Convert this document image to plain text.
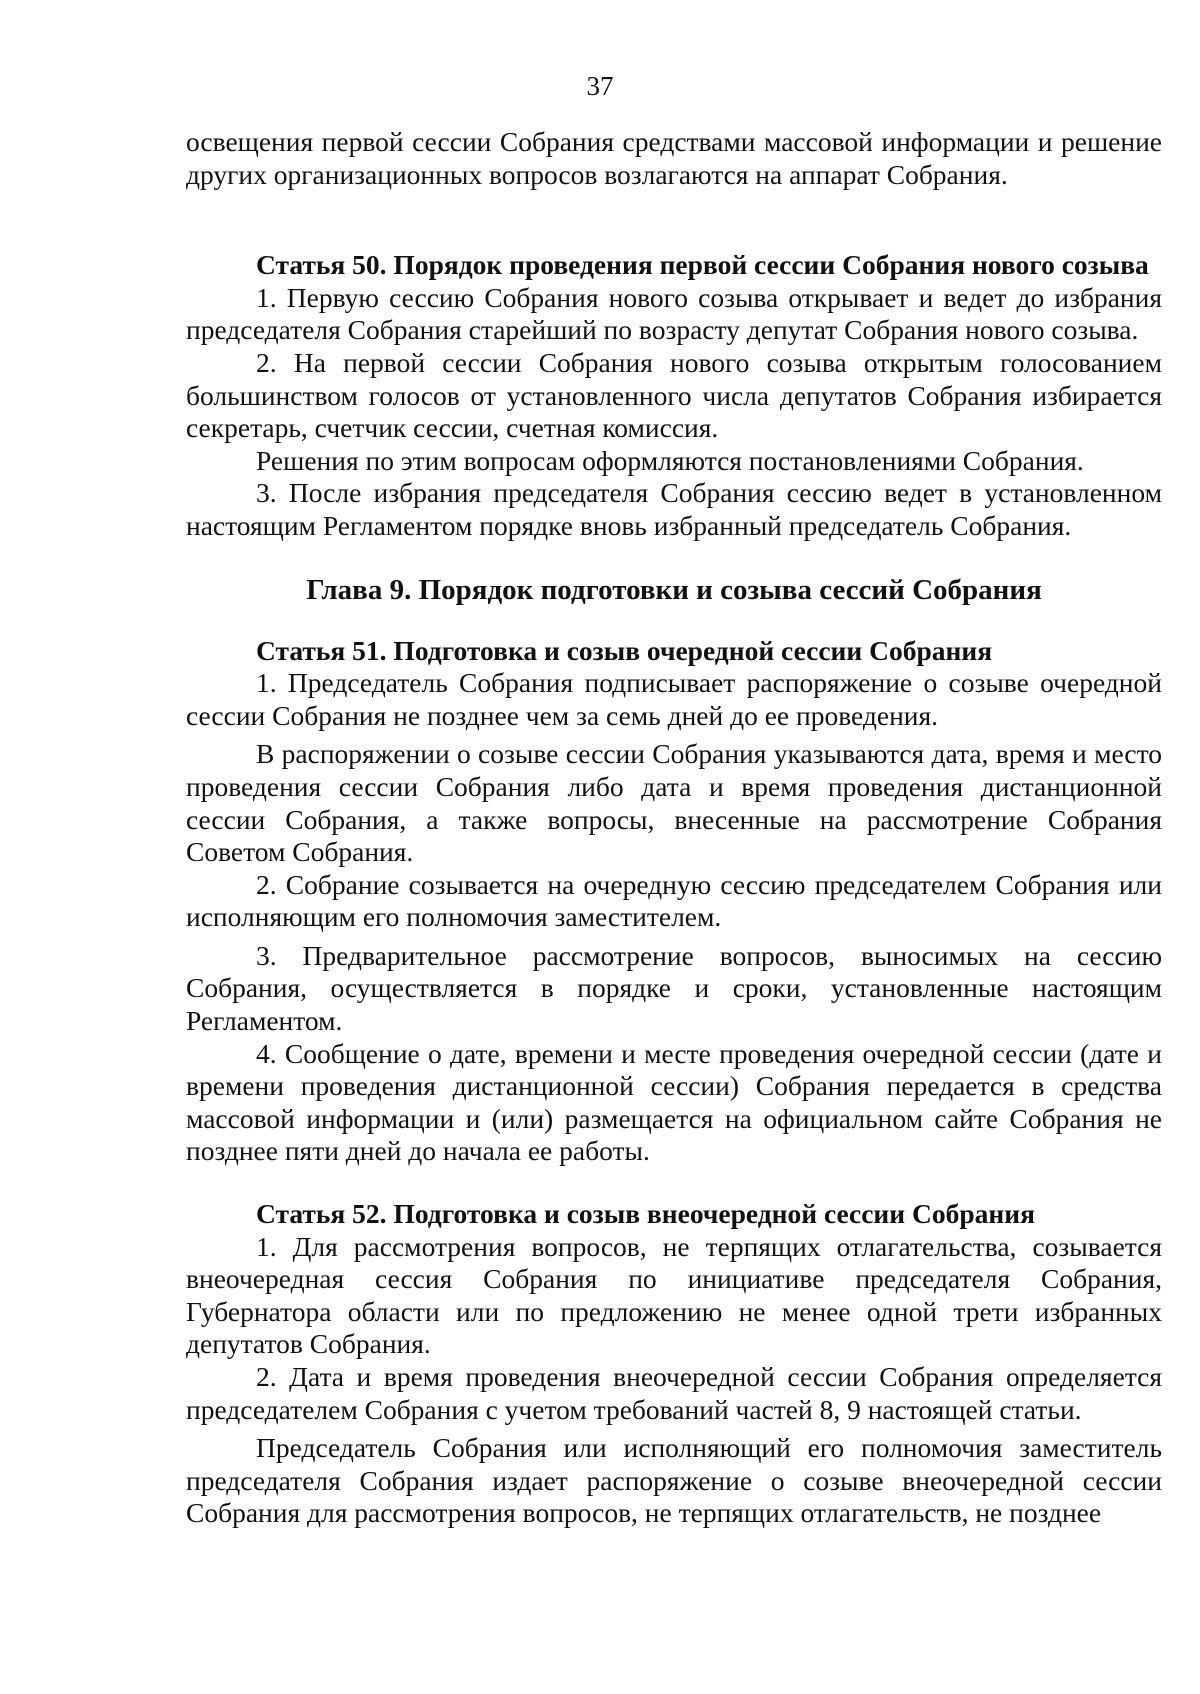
37

освещения первой сессии Собрания средствами массовой информации и решение других организационных вопросов возлагаются на аппарат Собрания.

Статья 50. Порядок проведения первой сессии Собрания нового созыва

1. Первую сессию Собрания нового созыва открывает и ведет до избрания председателя Собрания старейший по возрасту депутат Собрания нового созыва.

2. На первой сессии Собрания нового созыва открытым голосованием большинством голосов от установленного числа депутатов Собрания избирается секретарь, счетчик сессии, счетная комиссия.

Решения по этим вопросам оформляются постановлениями Собрания.

3. После избрания председателя Собрания сессию ведет в установленном настоящим Регламентом порядке вновь избранный председатель Собрания.

Глава 9. Порядок подготовки и созыва сессий Собрания
Статья 51. Подготовка и созыв очередной сессии Собрания

1. Председатель Собрания подписывает распоряжение о созыве очередной сессии Собрания не позднее чем за семь дней до ее проведения.

В распоряжении о созыве сессии Собрания указываются дата, время и место проведения сессии Собрания либо дата и время проведения дистанционной сессии Собрания, а также вопросы, внесенные на рассмотрение Собрания Советом Собрания.

2. Собрание созывается на очередную сессию председателем Собрания или исполняющим его полномочия заместителем.

3. Предварительное рассмотрение вопросов, выносимых на сессию Собрания, осуществляется в порядке и сроки, установленные настоящим Регламентом.

4. Сообщение о дате, времени и месте проведения очередной сессии (дате и времени проведения дистанционной сессии) Собрания передается в средства массовой информации и (или) размещается на официальном сайте Собрания не позднее пяти дней до начала ее работы.

Статья 52. Подготовка и созыв внеочередной сессии Собрания

1. Для рассмотрения вопросов, не терпящих отлагательства, созывается внеочередная сессия Собрания по инициативе председателя Собрания, Губернатора области или по предложению не менее одной трети избранных депутатов Собрания.

2. Дата и время проведения внеочередной сессии Собрания определяется председателем Собрания с учетом требований частей 8, 9 настоящей статьи.

Председатель Собрания или исполняющий его полномочия заместитель председателя Собрания издает распоряжение о созыве внеочередной сессии Собрания для рассмотрения вопросов, не терпящих отлагательств, не позднее
